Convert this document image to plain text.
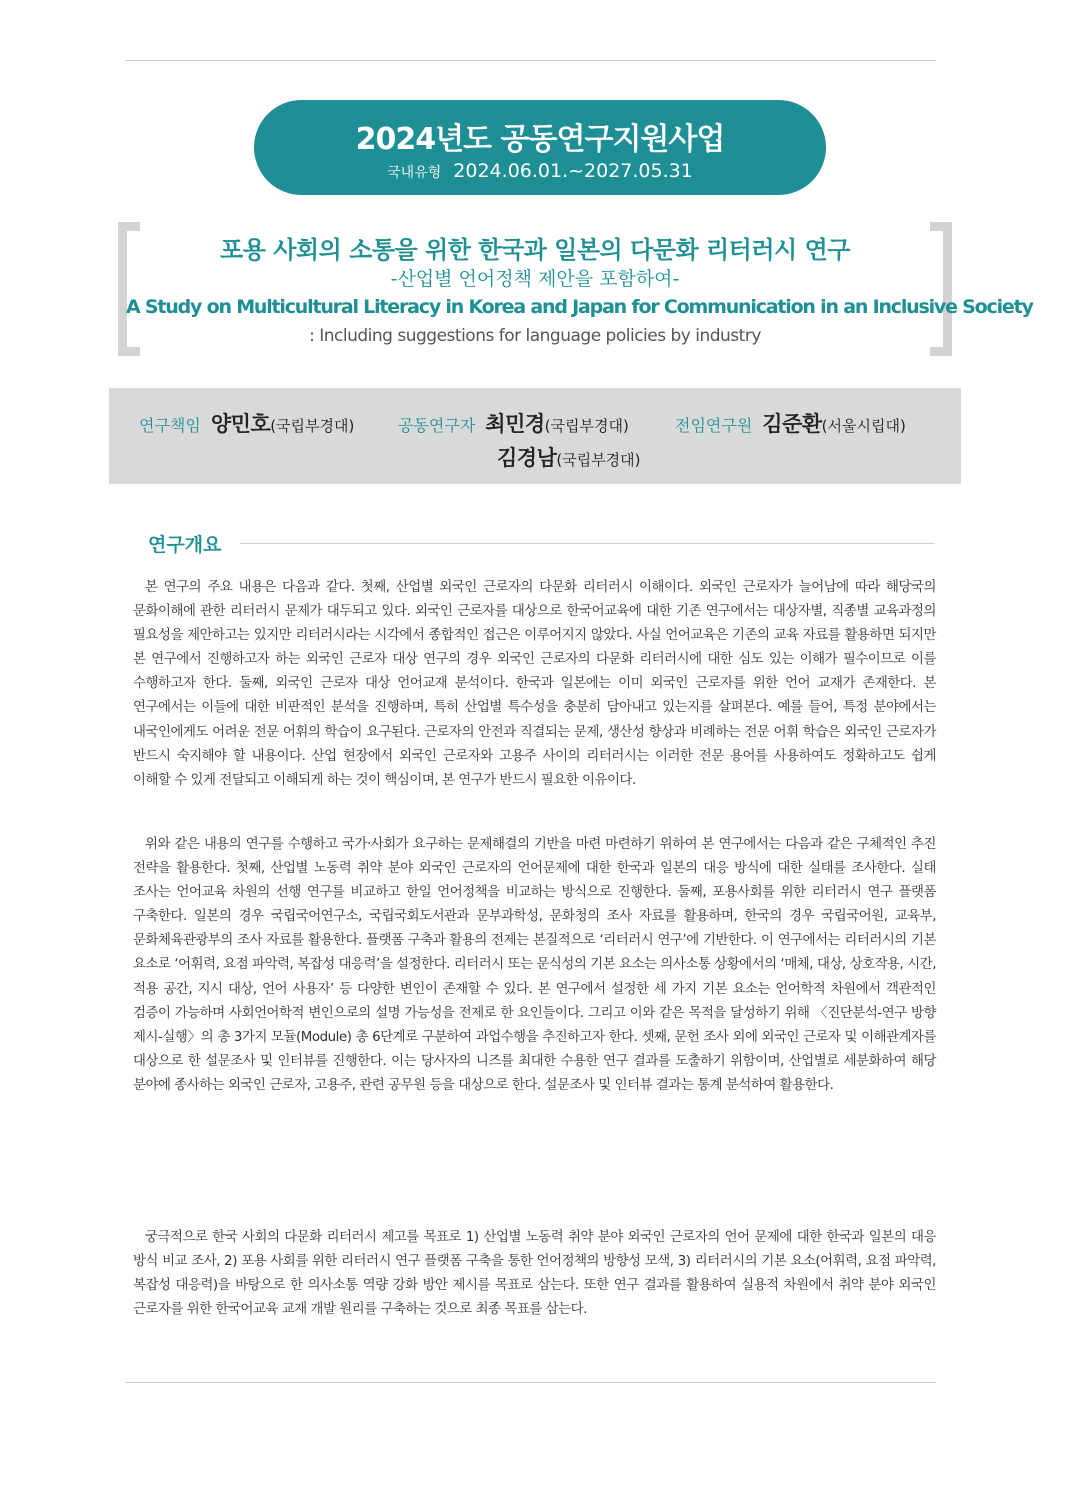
2024년도 공동연구지원사업
국내유형 2024.06.01.~2027.05.31
포용 사회의 소통을 위한 한국과 일본의 다문화 리터러시 연구
-산업별 언어정책 제안을 포함하여-
A Study on Multicultural Literacy in Korea and Japan for Communication in an Inclusive Society
: Including suggestions for language policies by industry
연구책임 양민호(국립부경대)	공동연구자 최민경(국립부경대)
김경남(국립부경대)
전임연구원 김준환(서울시립대)
연구개요

본 연구의 주요 내용은 다음과 같다. 첫째, 산업별 외국인 근로자의 다문화 리터러시 이해이다. 외국인 근로자가 늘어남에 따라 해당국의 문화이해에 관한 리터러시 문제가 대두되고 있다. 외국인 근로자를 대상으로 한국어교육에 대한 기존 연구에서는 대상자별, 직종별 교육과정의 필요성을 제안하고는 있지만 리터러시라는 시각에서 종합적인 접근은 이루어지지 않았다. 사실 언어교육은 기존의 교육 자료를 활용하면 되지만 본 연구에서 진행하고자 하는 외국인 근로자 대상 연구의 경우 외국인 근로자의 다문화 리터러시에 대한 심도 있는 이해가 필수이므로 이를 수행하고자 한다. 둘째, 외국인 근로자 대상 언어교재 분석이다. 한국과 일본에는 이미 외국인 근로자를 위한 언어 교재가 존재한다. 본 연구에서는 이들에 대한 비판적인 분석을 진행하며, 특히 산업별 특수성을 충분히 담아내고 있는지를 살펴본다. 예를 들어, 특정 분야에서는 내국인에게도 어려운 전문 어휘의 학습이 요구된다. 근로자의 안전과 직결되는 문제, 생산성 향상과 비례하는 전문 어휘 학습은 외국인 근로자가 반드시 숙지해야 할 내용이다. 산업 현장에서 외국인 근로자와 고용주 사이의 리터러시는 이러한 전문 용어를 사용하여도 정확하고도 쉽게 이해할 수 있게 전달되고 이해되게 하는 것이 핵심이며, 본 연구가 반드시 필요한 이유이다.

위와 같은 내용의 연구를 수행하고 국가·사회가 요구하는 문제해결의 기반을 마련 마련하기 위하여 본 연구에서는 다음과 같은 구체적인 추진 전략을 활용한다. 첫째, 산업별 노동력 취약 분야 외국인 근로자의 언어문제에 대한 한국과 일본의 대응 방식에 대한 실태를 조사한다. 실태 조사는 언어교육 차원의 선행 연구를 비교하고 한일 언어정책을 비교하는 방식으로 진행한다. 둘째, 포용사회를 위한 리터러시 연구 플랫폼 구축한다. 일본의 경우 국립국어연구소, 국립국회도서관과 문부과학성, 문화청의 조사 자료를 활용하며, 한국의 경우 국립국어원, 교육부, 문화체육관광부의 조사 자료를 활용한다. 플랫폼 구축과 활용의 전제는 본질적으로 ‘리터러시 연구’에 기반한다. 이 연구에서는 리터러시의 기본 요소로 ‘어휘력, 요점 파악력, 복잡성 대응력’을 설정한다. 리터러시 또는 문식성의 기본 요소는 의사소통 상황에서의 ‘매체, 대상, 상호작용, 시간, 적용 공간, 지시 대상, 언어 사용자’ 등 다양한 변인이 존재할 수 있다. 본 연구에서 설정한 세 가지 기본 요소는 언어학적 차원에서 객관적인 검증이 가능하며 사회언어학적 변인으로의 설명 가능성을 전제로 한 요인들이다. 그리고 이와 같은 목적을 달성하기 위해 〈진단분석-연구 방향 제시-실행〉의 총 3가지 모듈(Module) 총 6단계로 구분하여 과업수행을 추진하고자 한다. 셋째, 문헌 조사 외에 외국인 근로자 및 이해관계자를 대상으로 한 설문조사 및 인터뷰를 진행한다. 이는 당사자의 니즈를 최대한 수용한 연구 결과를 도출하기 위함이며, 산업별로 세분화하여 해당 분야에 종사하는 외국인 근로자, 고용주, 관련 공무원 등을 대상으로 한다. 설문조사 및 인터뷰 결과는 통계 분석하여 활용한다.

궁극적으로 한국 사회의 다문화 리터러시 제고를 목표로 1) 산업별 노동력 취약 분야 외국인 근로자의 언어 문제에 대한 한국과 일본의 대응 방식 비교 조사, 2) 포용 사회를 위한 리터러시 연구 플랫폼 구축을 통한 언어정책의 방향성 모색, 3) 리터러시의 기본 요소(어휘력, 요점 파악력, 복잡성 대응력)을 바탕으로 한 의사소통 역량 강화 방안 제시를 목표로 삼는다. 또한 연구 결과를 활용하여 실용적 차원에서 취약 분야 외국인 근로자를 위한 한국어교육 교재 개발 원리를 구축하는 것으로 최종 목표를 삼는다.
